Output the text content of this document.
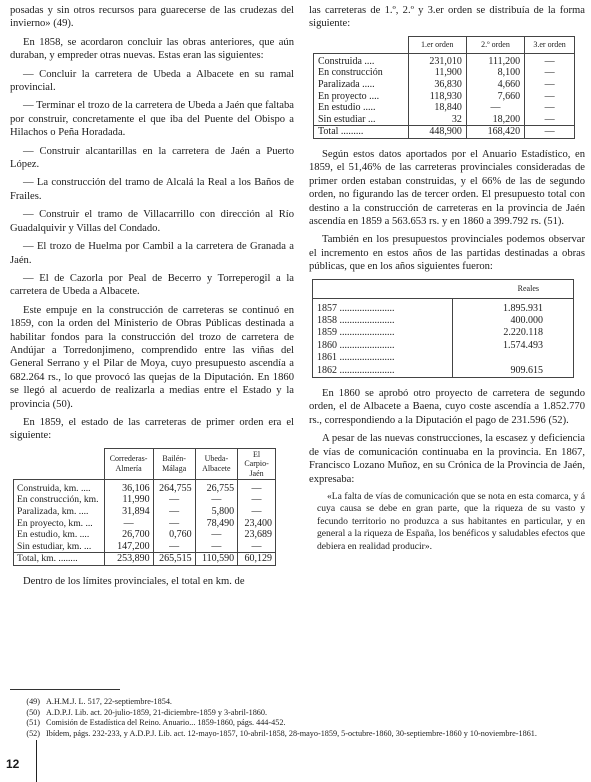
posadas y sin otros recursos para guarecerse de las crudezas del invierno» (49).

En 1858, se acordaron concluir las obras anteriores, que aún duraban, y empreder otras nuevas. Estas eran las siguientes:

— Concluir la carretera de Ubeda a Albacete en su ramal provincial.

— Terminar el trozo de la carretera de Ubeda a Jaén que faltaba por construir, concretamente el que iba del Puente del Obispo a Hilachos o Peña Horadada.

— Construir alcantarillas en la carretera de Jaén a Puerto López.

— La construcción del tramo de Alcalá la Real a los Baños de Frailes.

— Construir el tramo de Villacarrillo con dirección al Río Guadalquivir y Villas del Condado.

— El trozo de Huelma por Cambil a la carretera de Granada a Jaén.

— El de Cazorla por Peal de Becerro y Torreperogil a la carretera de Ubeda a Albacete.

Este empuje en la construcción de carreteras se continuó en 1859, con la orden del Ministerio de Obras Públicas destinada a habilitar fondos para la construcción del trozo de carretera de Andújar a Torredonjimeno, comprendido entre las viñas del General Serrano y el Pilar de Moya, cuyo presupuesto ascendía a 682.264 rs., lo que provocó las quejas de la Diputación. En 1860 se llegó al acuerdo de realizarla a medias entre el Estado y la provincia (50).

En 1859, el estado de las carreteras de primer orden era el siguiente:

	Correderas-Almería	Bailén-Málaga	Ubeda-Albacete	El Carpio-Jaén
Construida, km. ....	36,106	264,755	26,755	—
En construcción, km.	11,990	—	—	—
Paralizada, km. ....	31,894	—	5,800	—
En proyecto, km. ...	—	—	78,490	23,400
En estudio, km. ....	26,700	0,760	—	23,689
Sin estudiar, km. ...	147,200	—	—	—
Total, km. ........	253,890	265,515	110,590	60,129

Dentro de los límites provinciales, el total en km. de

las carreteras de 1.º, 2.º y 3.er orden se distribuía de la forma siguiente:

	1.er orden	2.º orden	3.er orden
Construida ....	231,010	111,200	—
En construcción	11,900	8,100	—
Paralizada .....	36,830	4,660	—
En proyecto ....	118,930	7,660	—
En estudio .....	18,840	—	—
Sin estudiar ...	32	18,200	—
Total .........	448,900	168,420	—

Según estos datos aportados por el Anuario Estadístico, en 1859, el 51,46% de las carreteras provinciales consideradas de primer orden estaban construidas, y el 66% de las de segundo orden, no figurando las de tercer orden. El presupuesto total con destino a la construcción de carreteras en la provincia de Jaén ascendía en 1859 a 563.653 rs. y en 1860 a 399.792 rs. (51).

También en los presupuestos provinciales podemos observar el incremento en estos años de las partidas destinadas a obras públicas, que en los años siguientes fueron:

Reales	
1857 ......................	1.895.931
1858 ......................	400.000
1859 ......................	2.220.118
1860 ......................	1.574.493
1861 ......................	
1862 ......................	909.615

En 1860 se aprobó otro proyecto de carretera de segundo orden, el de Albacete a Baena, cuyo coste ascendía a 1.852.770 rs., correspondiendo a la Diputación el pago de 231.596 (52).

A pesar de las nuevas construcciones, la escasez y deficiencia de vías de comunicación continuaba en la provincia. En 1867, Francisco Lozano Muñoz, en su Crónica de la Provincia de Jaén, expresaba:

«La falta de vías de comunicación que se nota en esta comarca, y á cuya causa se debe en gran parte, que la riqueza de su vasto y fecundo territorio no produzca a sus habitantes en particular, y en general a la riqueza de España, los benéficos y saludables efectos que debiera en realidad producir».

(49) A.H.M.J. L. 517, 22-septiembre-1854.
(50) A.D.P.J. Lib. act. 20-julio-1859, 21-diciembre-1859 y 3-abril-1860.
(51) Comisión de Estadística del Reino. Anuario... 1859-1860, págs. 444-452.
(52) Ibídem, págs. 232-233, y A.D.P.J. Lib. act. 12-mayo-1857, 10-abril-1858, 28-mayo-1859, 5-octubre-1860, 30-septiembre-1860 y 10-noviembre-1861.
12
